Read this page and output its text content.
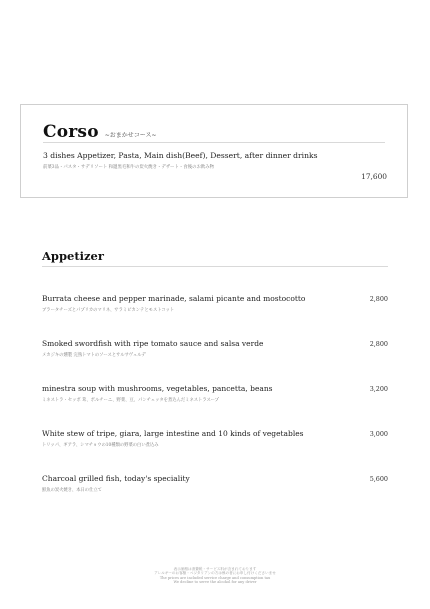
Corso ~おまかせコース~
3 dishes Appetizer, Pasta, Main dish(Beef), Dessert, after dinner drinks
前菜3品・パスタ・サデリソート 和邊黒毛和牛の炭火焼き・デザート・食後のお飲み物
17,600
Appetizer
Burrata cheese and pepper marinade, salami picante and mostocotto
ブラータチーズとパプリカのマリネ、サラミピカンテとモストコット
2,800
Smoked swordfish with ripe tomato sauce and salsa verde
メカジキの燻製 完熟トマトのソースとサルサヴェルデ
2,800
minestra soup with mushrooms, vegetables, pancetta, beans
ミネストラ・セッポ 茸、ポルチーニ、野菜、豆、パンチェッタを煮込んだミネストラスープ
3,200
White stew of tripe, giara, large intestine and 10 kinds of vegetables
トリッパ、ギアラ、シマチョウの10種類の野菜の白い煮込み
3,000
Charcoal grilled fish, today's speciality
鮮魚の炭火焼き、本日の仕立て
5,600
表示価格は消費税・サービス料が含まれております
アレルギーのお客様・ベジタリアンの方は係の者にお申し付けくださいませ
The prices are included service charge and consumption tax
We decline to serve the alcohol for any driver
